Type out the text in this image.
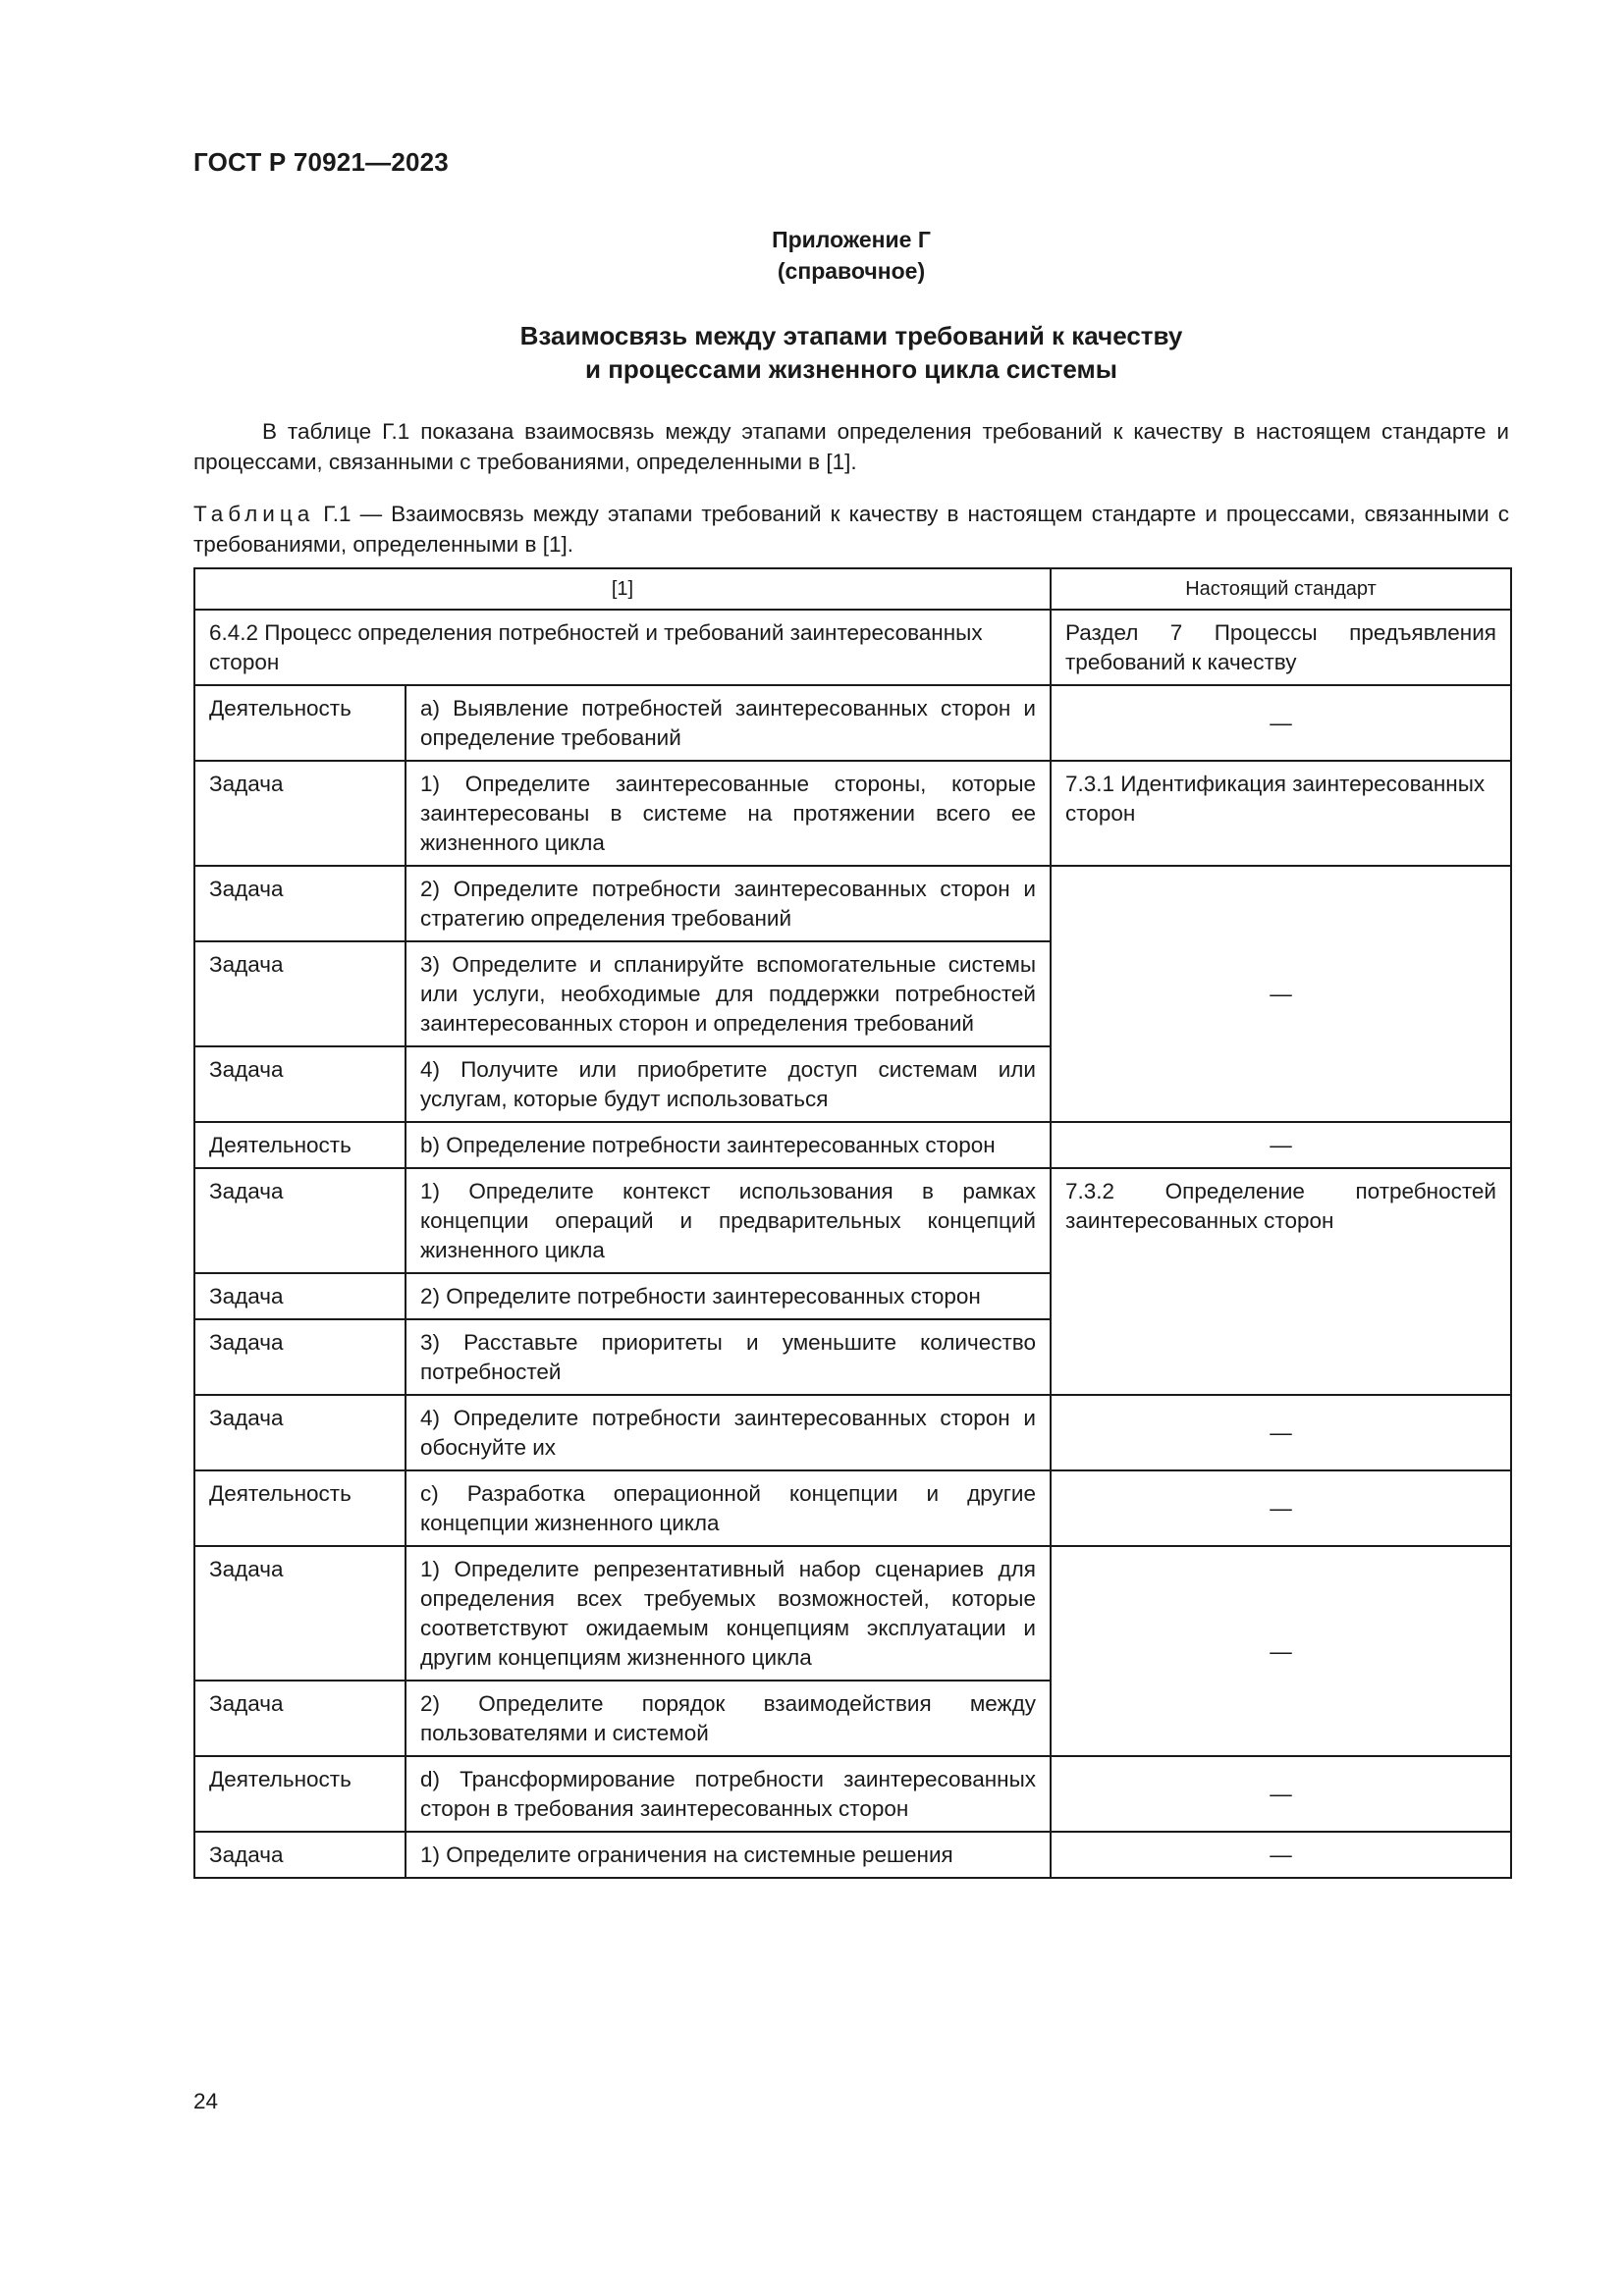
ГОСТ Р 70921—2023
Приложение Г
(справочное)
Взаимосвязь между этапами требований к качеству
и процессами жизненного цикла системы

В таблице Г.1 показана взаимосвязь между этапами определения требований к качеству в настоящем стандарте и процессами, связанными с требованиями, определенными в [1].

Таблица Г.1 — Взаимосвязь между этапами требований к качеству в настоящем стандарте и процессами, связанными с требованиями, определенными в [1].

[1]		Настоящий стандарт
6.4.2 Процесс определения потребностей и требований заинтересованных сторон		Раздел 7 Процессы предъявления требований к качеству
Деятельность	а) Выявление потребностей заинтересованных сторон и определение требований	—
Задача	1) Определите заинтересованные стороны, которые заинтересованы в системе на протяжении всего ее жизненного цикла	7.3.1 Идентификация заинтересованных сторон
Задача	2) Определите потребности заинтересованных сторон и стратегию определения требований	—
Задача	3) Определите и спланируйте вспомогательные системы или услуги, необходимые для поддержки потребностей заинтересованных сторон и определения требований	
Задача	4) Получите или приобретите доступ системам или услугам, которые будут использоваться	
Деятельность	b) Определение потребности заинтересованных сторон	—
Задача	1) Определите контекст использования в рамках концепции операций и предварительных концепций жизненного цикла	7.3.2 Определение потребностей заинтересованных сторон
Задача	2) Определите потребности заинтересованных сторон	
Задача	3) Расставьте приоритеты и уменьшите количество потребностей	
Задача	4) Определите потребности заинтересованных сторон и обоснуйте их	—
Деятельность	с) Разработка операционной концепции и другие концепции жизненного цикла	—
Задача	1) Определите репрезентативный набор сценариев для определения всех требуемых возможностей, которые соответствуют ожидаемым концепциям эксплуатации и другим концепциям жизненного цикла	—
Задача	2) Определите порядок взаимодействия между пользователями и системой	
Деятельность	d) Трансформирование потребности заинтересованных сторон в требования заинтересованных сторон	—
Задача	1) Определите ограничения на системные решения	—
24
